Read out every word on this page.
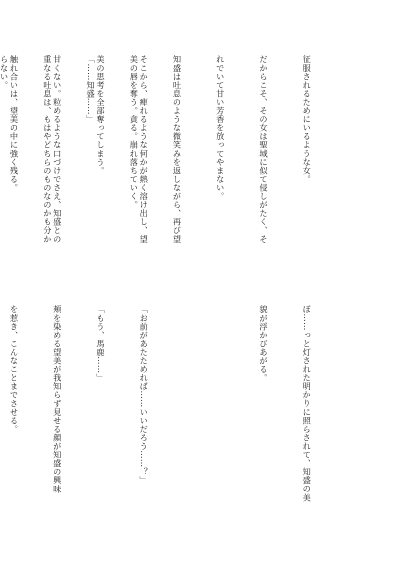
征服されるためにいるような女。

だからこそ、その女は聖域に似て侵しがたく、そ

れでいて甘い芳香を放ってやまない。

知盛は吐息のような微笑みを返しながら、再び望

美の唇を奪う。貪る。崩れ落ちていく。

「……知盛……」

重なる吐息は、もはやどちらのものなのかも分か

らない。

ぼ……っと灯された明かりに照らされて、知盛の美

貌が浮かびあがる。

そこから、痺れるような何かが熱く溶け出し、望

美の思考を全部奪ってしまう。

甘くない。粒めるような口づけでさえ、知盛との

触れ合いは、望美の中に強く残る。

「お前があたためれば……いいだろう……？」

「もう、馬鹿……」

頬を染める望美が我知らず見せる顔が知盛の興味

を惹き、こんなことまでさせる。
